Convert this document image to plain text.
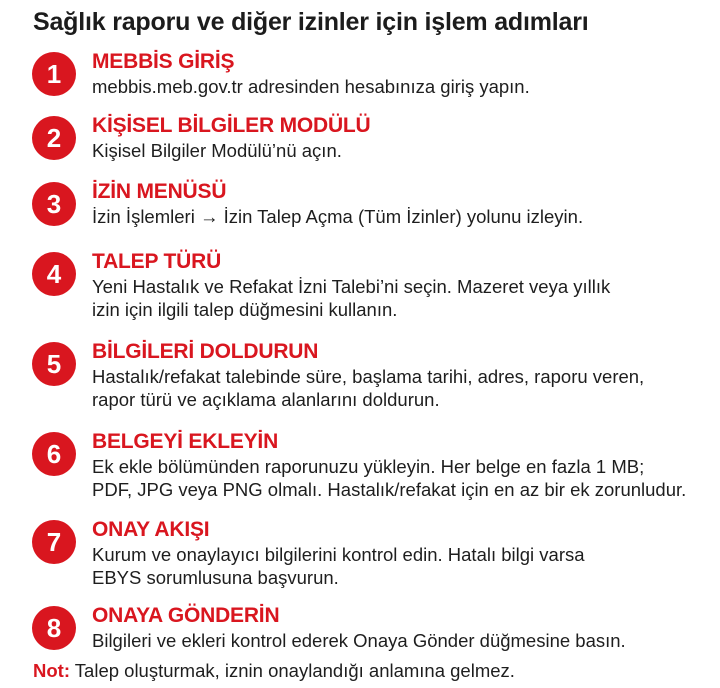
Sağlık raporu ve diğer izinler için işlem adımları
1	MEBBİS GİRİŞ
mebbis.meb.gov.tr adresinden hesabınıza giriş yapın.
2	KİŞİSEL BİLGİLER MODÜLÜ
Kişisel Bilgiler Modülü’nü açın.
3	İZİN MENÜSÜ
İzin İşlemleri → İzin Talep Açma (Tüm İzinler) yolunu izleyin.
4	TALEP TÜRÜ
Yeni Hastalık ve Refakat İzni Talebi’ni seçin. Mazeret veya yıllık
izin için ilgili talep düğmesini kullanın.
5	BİLGİLERİ DOLDURUN
Hastalık/refakat talebinde süre, başlama tarihi, adres, raporu veren,
rapor türü ve açıklama alanlarını doldurun.
6	BELGEYİ EKLEYİN
Ek ekle bölümünden raporunuzu yükleyin. Her belge en fazla 1 MB;
PDF, JPG veya PNG olmalı. Hastalık/refakat için en az bir ek zorunludur.
7	ONAY AKIŞI
Kurum ve onaylayıcı bilgilerini kontrol edin. Hatalı bilgi varsa
EBYS sorumlusuna başvurun.
8	ONAYA GÖNDERİN
Bilgileri ve ekleri kontrol ederek Onaya Gönder düğmesine basın.
Not: Talep oluşturmak, iznin onaylandığı anlamına gelmez.
